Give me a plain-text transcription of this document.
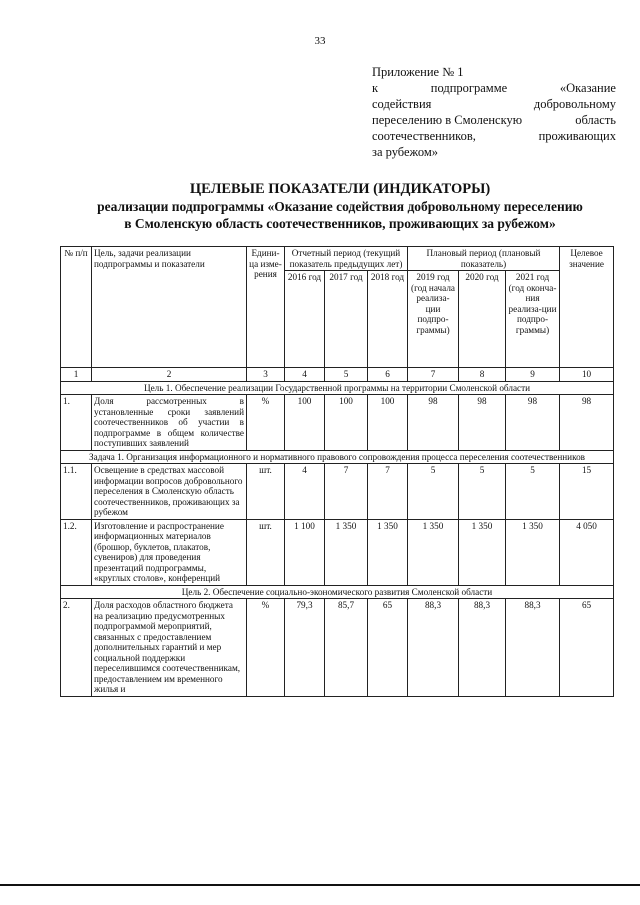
33
Приложение № 1
к	подпрограмме	«Оказание
содействия	добровольному
переселению в Смоленскую	область
соотечественников,	проживающих
за рубежом»
ЦЕЛЕВЫЕ ПОКАЗАТЕЛИ (ИНДИКАТОРЫ)
реализации подпрограммы «Оказание содействия добровольному переселению
в Смоленскую область соотечественников, проживающих за рубежом»
№ п/п	Цель, задачи реализации подпрограммы и показатели	Едини-ца изме-рения	Отчетный период (текущий показатель предыдущих лет)			Плановый период (плановый показатель)			Целевое значение
			2016 год	2017 год	2018 год	2019 год (год начала реализа-ции подпро-граммы)	2020 год	2021 год (год оконча-ния реализа-ции подпро-граммы)	
1	2	3	4	5	6	7	8	9	10
Цель 1. Обеспечение реализации Государственной программы на территории Смоленской области									
1.	Доля рассмотренных в установленные сроки заявлений соотечественников об участии в подпрограмме в общем количестве поступивших заявлений	%	100	100	100	98	98	98	98
Задача 1. Организация информационного и нормативного правового сопровождения процесса переселения соотечественников									
1.1.	Освещение в средствах массовой информации вопросов добровольного переселения в Смоленскую область соотечественников, проживающих за рубежом	шт.	4	7	7	5	5	5	15
1.2.	Изготовление и распространение информационных материалов (брошюр, буклетов, плакатов, сувениров) для проведения презентаций подпрограммы, «круглых столов», конференций	шт.	1 100	1 350	1 350	1 350	1 350	1 350	4 050
Цель 2. Обеспечение социально-экономического развития Смоленской области									
2.	Доля расходов областного бюджета на реализацию предусмотренных подпрограммой мероприятий, связанных с предоставлением дополнительных гарантий и мер социальной поддержки переселившимся соотечественникам, предоставлением им временного жилья и	%	79,3	85,7	65	88,3	88,3	88,3	65
